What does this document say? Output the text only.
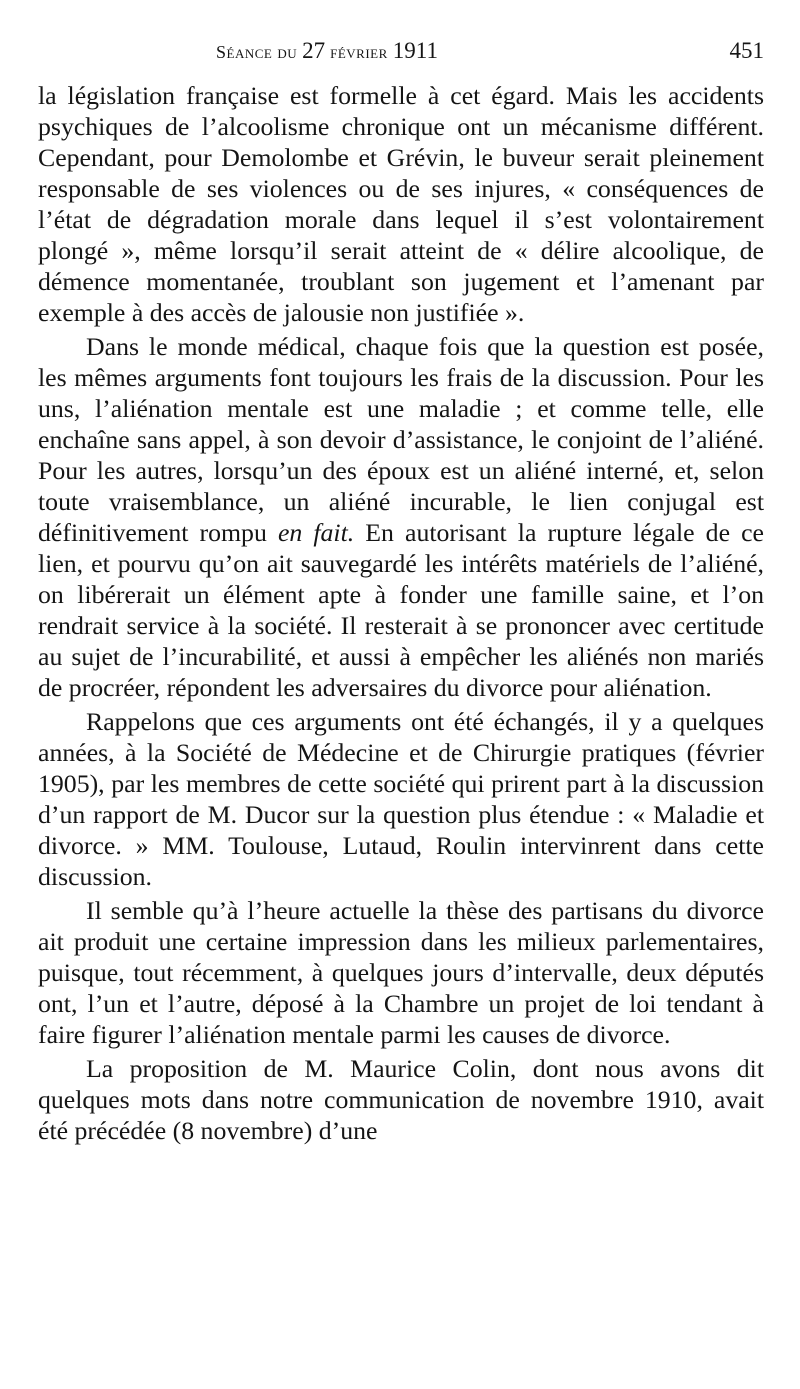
Séance du 27 février 1911	451

la législation française est formelle à cet égard. Mais les accidents psychiques de l’alcoolisme chronique ont un mécanisme différent. Cependant, pour Demolombe et Grévin, le buveur serait pleinement responsable de ses violences ou de ses injures, « conséquences de l’état de dégradation morale dans lequel il s’est volontairement plongé », même lorsqu’il serait atteint de « délire alcoolique, de démence momentanée, troublant son jugement et l’amenant par exemple à des accès de jalousie non justifiée ».

Dans le monde médical, chaque fois que la question est posée, les mêmes arguments font toujours les frais de la discussion. Pour les uns, l’aliénation mentale est une maladie ; et comme telle, elle enchaîne sans appel, à son devoir d’assistance, le conjoint de l’aliéné. Pour les autres, lorsqu’un des époux est un aliéné interné, et, selon toute vraisemblance, un aliéné incurable, le lien conjugal est définitivement rompu en fait. En autorisant la rupture légale de ce lien, et pourvu qu’on ait sauvegardé les intérêts matériels de l’aliéné, on libérerait un élément apte à fonder une famille saine, et l’on rendrait service à la société. Il resterait à se prononcer avec certitude au sujet de l’incurabilité, et aussi à empêcher les aliénés non mariés de procréer, répondent les adversaires du divorce pour aliénation.

Rappelons que ces arguments ont été échangés, il y a quelques années, à la Société de Médecine et de Chirurgie pratiques (février 1905), par les membres de cette société qui prirent part à la discussion d’un rapport de M. Ducor sur la question plus étendue : « Maladie et divorce. » MM. Toulouse, Lutaud, Roulin intervinrent dans cette discussion.

Il semble qu’à l’heure actuelle la thèse des partisans du divorce ait produit une certaine impression dans les milieux parlementaires, puisque, tout récemment, à quelques jours d’intervalle, deux députés ont, l’un et l’autre, déposé à la Chambre un projet de loi tendant à faire figurer l’aliénation mentale parmi les causes de divorce.

La proposition de M. Maurice Colin, dont nous avons dit quelques mots dans notre communication de novembre 1910, avait été précédée (8 novembre) d’une
